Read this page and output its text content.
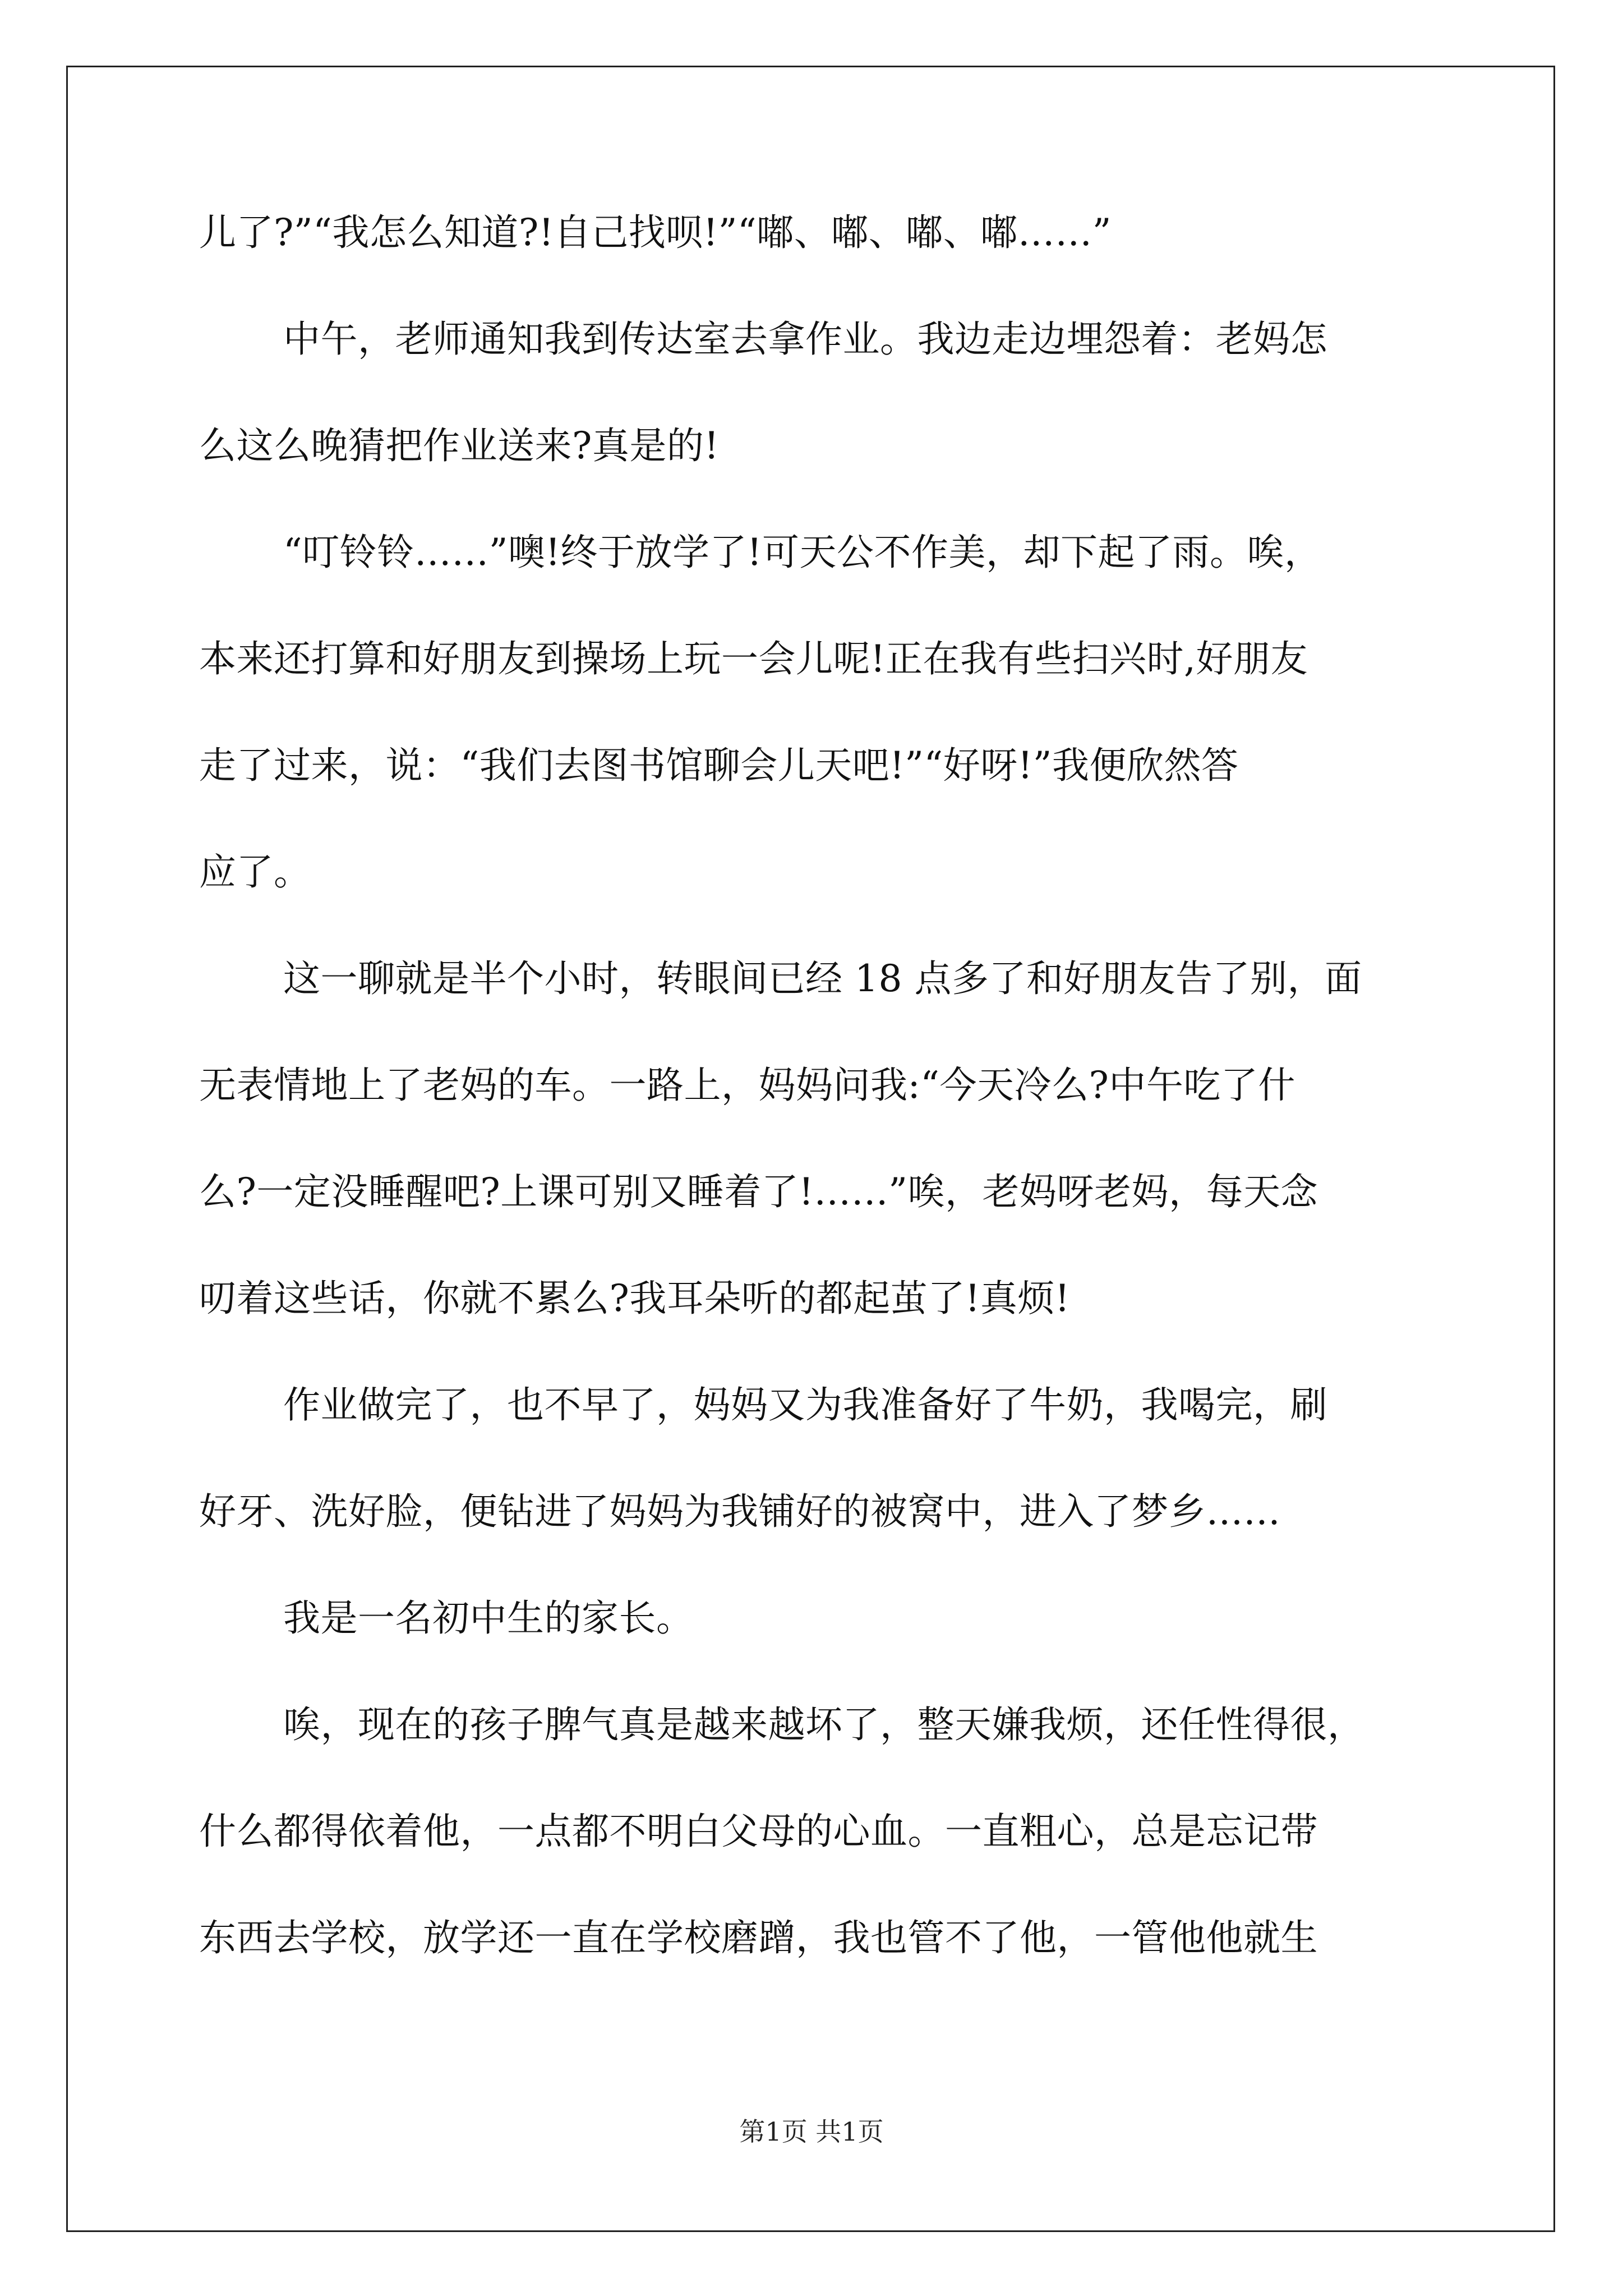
儿了?”“我怎么知道?!自己找呗!”“嘟、嘟、嘟、嘟……”
中午，老师通知我到传达室去拿作业。我边走边埋怨着：老妈怎
么这么晚猜把作业送来?真是的!
“叮铃铃……”噢!终于放学了!可天公不作美，却下起了雨。唉，
本来还打算和好朋友到操场上玩一会儿呢!正在我有些扫兴时,好朋友
走了过来，说：“我们去图书馆聊会儿天吧!”“好呀!”我便欣然答
应了。
这一聊就是半个小时，转眼间已经 18 点多了和好朋友告了别，面
无表情地上了老妈的车。一路上，妈妈问我:“今天冷么?中午吃了什
么?一定没睡醒吧?上课可别又睡着了!……”唉，老妈呀老妈，每天念
叨着这些话，你就不累么?我耳朵听的都起茧了!真烦!
作业做完了，也不早了，妈妈又为我准备好了牛奶，我喝完，刷
好牙、洗好脸，便钻进了妈妈为我铺好的被窝中，进入了梦乡……
我是一名初中生的家长。
唉，现在的孩子脾气真是越来越坏了，整天嫌我烦，还任性得很，
什么都得依着他，一点都不明白父母的心血。一直粗心，总是忘记带
东西去学校，放学还一直在学校磨蹭，我也管不了他，一管他他就生
第1页 共1页
